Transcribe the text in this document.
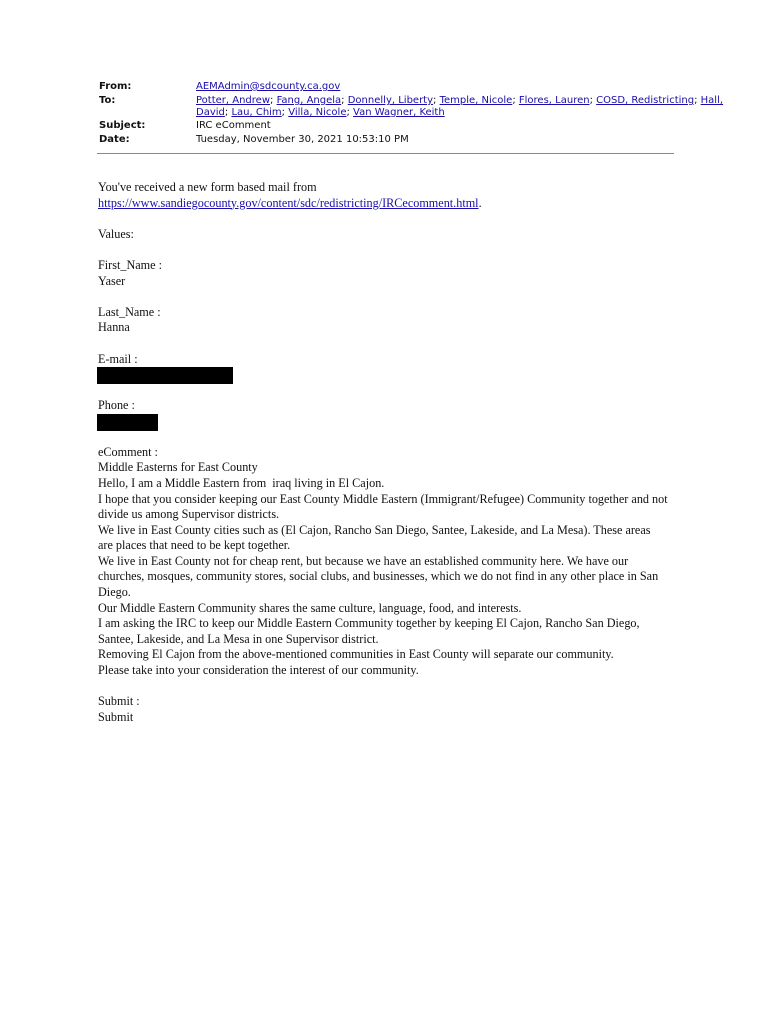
From:	AEMAdmin@sdcounty.ca.gov
To:	Potter, Andrew; Fang, Angela; Donnelly, Liberty; Temple, Nicole; Flores, Lauren; COSD, Redistricting; Hall,
David; Lau, Chim; Villa, Nicole; Van Wagner, Keith
Subject:	IRC eComment
Date:	Tuesday, November 30, 2021 10:53:10 PM

You've received a new form based mail from

https://www.sandiegocounty.gov/content/sdc/redistricting/IRCecomment.html.

Values:

First_Name :

Yaser

Last_Name :

Hanna

E-mail :

Phone :

eComment :

Middle Easterns for East County

Hello, I am a Middle Eastern from  iraq living in El Cajon.

I hope that you consider keeping our East County Middle Eastern (Immigrant/Refugee) Community together and not

divide us among Supervisor districts.

We live in East County cities such as (El Cajon, Rancho San Diego, Santee, Lakeside, and La Mesa). These areas

are places that need to be kept together.

We live in East County not for cheap rent, but because we have an established community here. We have our

churches, mosques, community stores, social clubs, and businesses, which we do not find in any other place in San

Diego.

Our Middle Eastern Community shares the same culture, language, food, and interests.

I am asking the IRC to keep our Middle Eastern Community together by keeping El Cajon, Rancho San Diego,

Santee, Lakeside, and La Mesa in one Supervisor district.

Removing El Cajon from the above-mentioned communities in East County will separate our community.

Please take into your consideration the interest of our community.

Submit :

Submit
